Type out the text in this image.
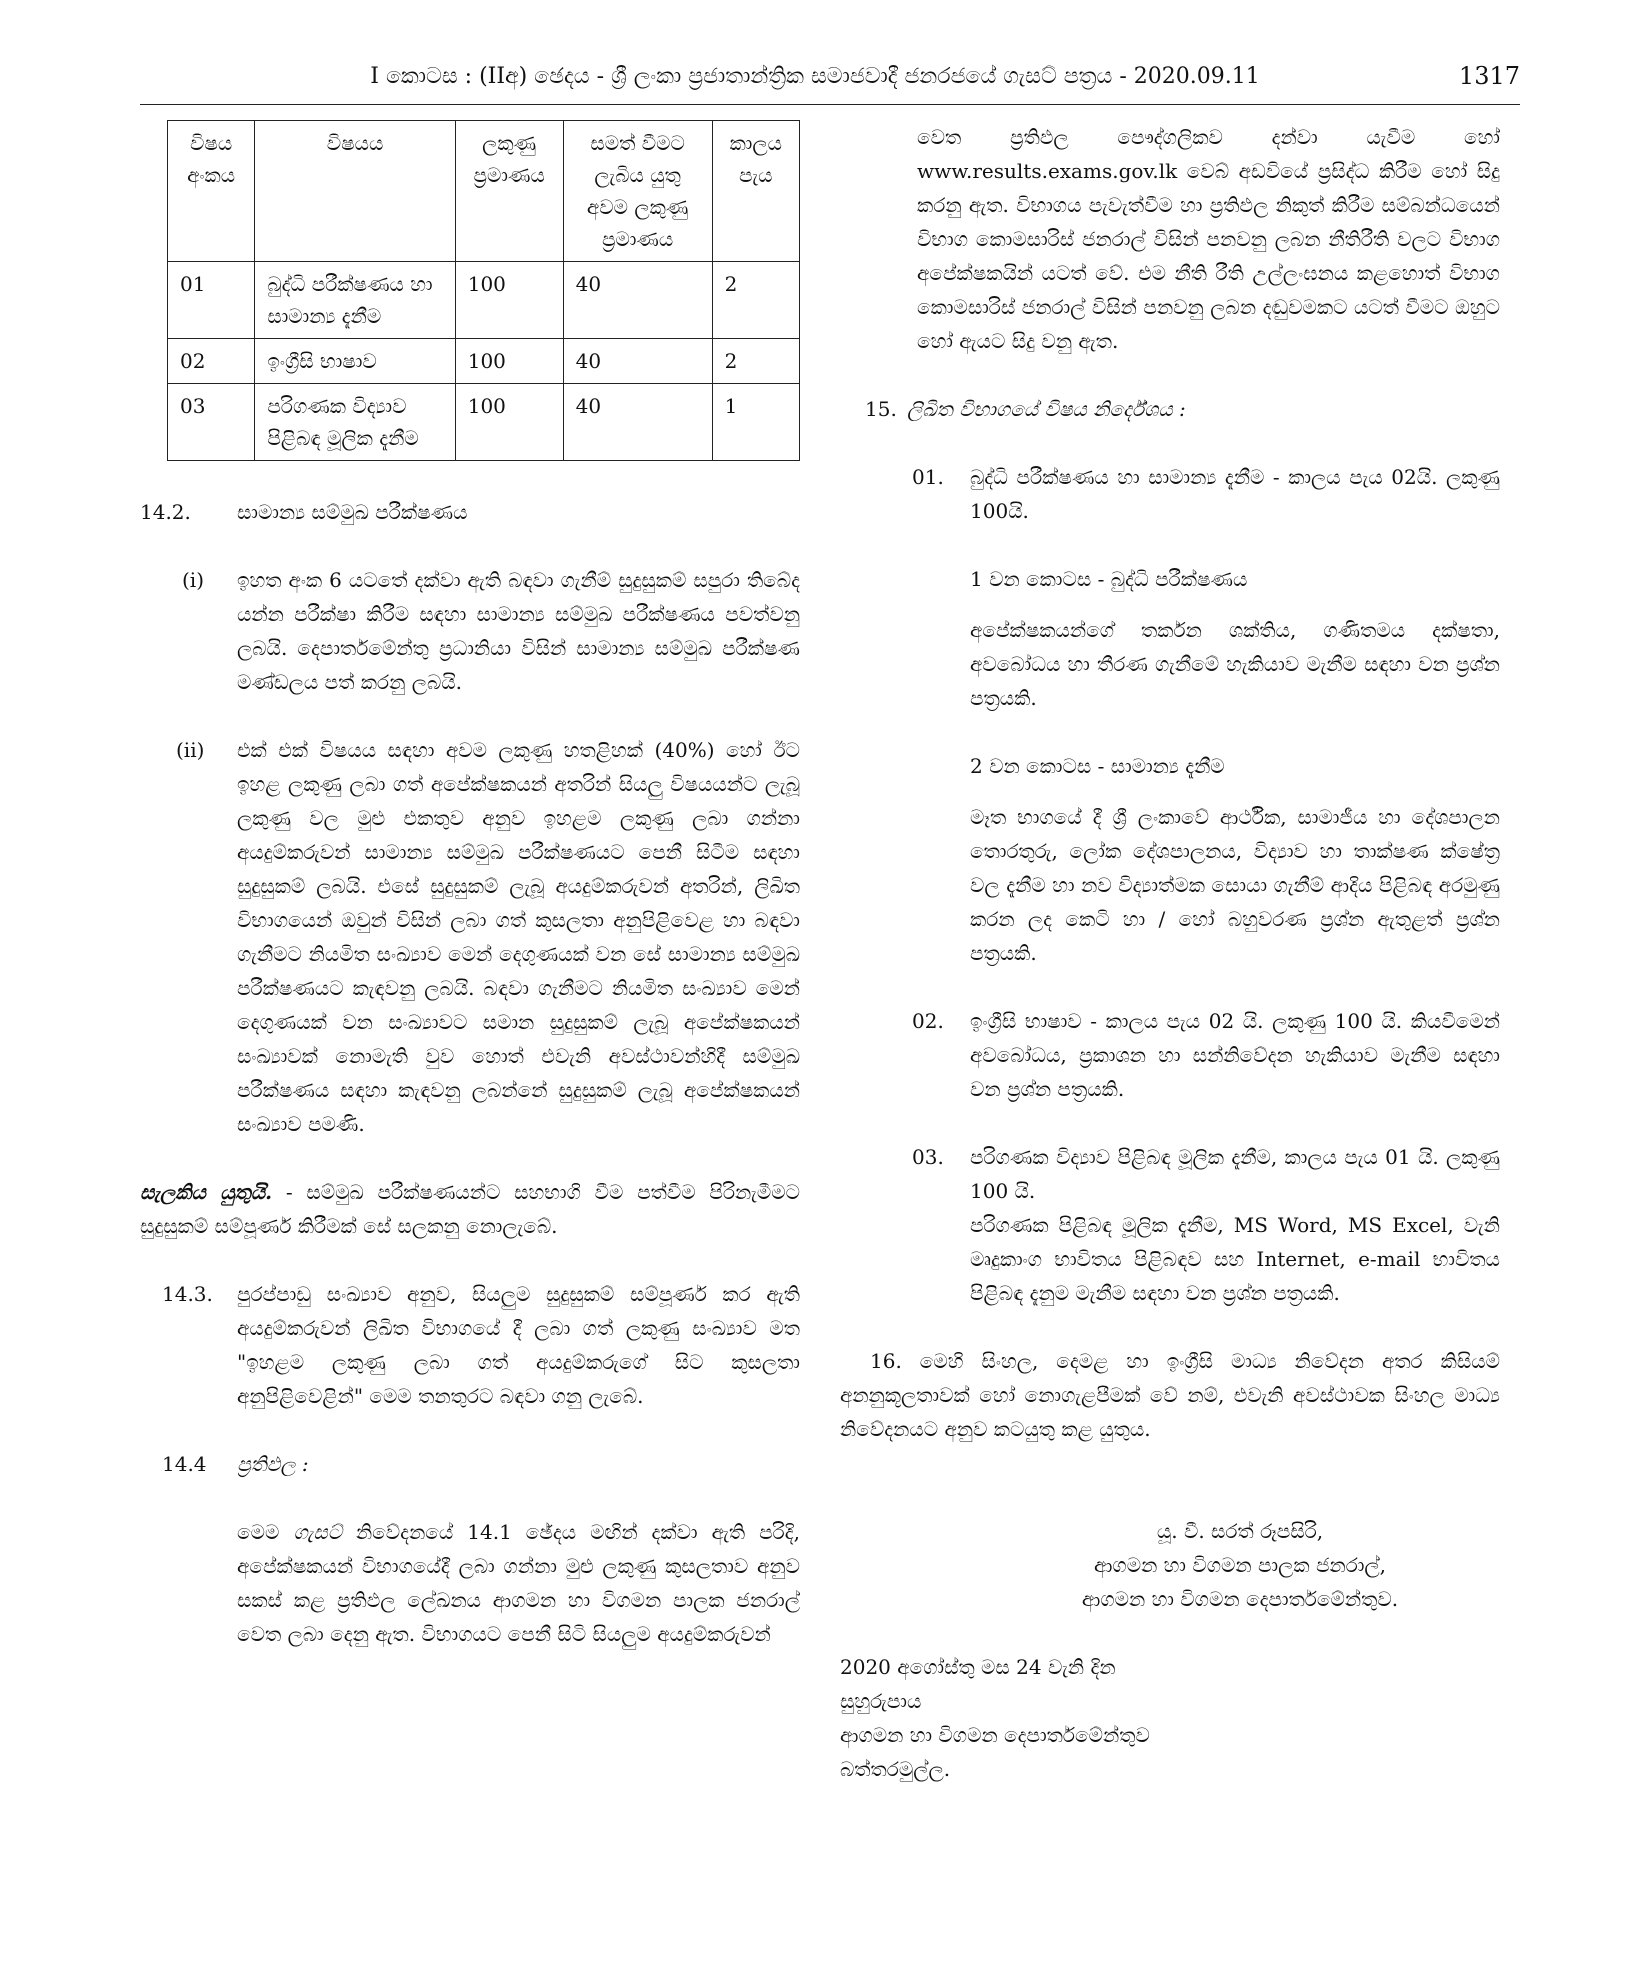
I කොටස : (IIඅ) ඡෙදය - ශ්‍රී ලංකා ප්‍රජාතාන්ත්‍රික සමාජවාදී ජනරජයේ ගැසට් පත්‍රය - 2020.09.11	1317
විෂය අංකය	විෂයය	ලකුණු ප්‍රමාණය	සමත් වීමට ලැබිය යුතු අවම ලකුණු ප්‍රමාණය	කාලය පැය
01	බුද්ධි පරීක්ෂණය හා සාමාන්‍ය දැනීම	100	40	2
02	ඉංග්‍රීසි භාෂාව	100	40	2
03	පරිගණක විද්‍යාව පිළිබඳ මූලික දැනීම	100	40	1
14.2. සාමාන්‍ය සම්මුඛ පරීක්ෂණය
(i) ඉහත අංක 6 යටතේ දක්වා ඇති බඳවා ගැනීම් සුදුසුකම් සපුරා තිබේද යන්න පරීක්ෂා කිරීම සඳහා සාමාන්‍ය සම්මුඛ පරීක්ෂණය පවත්වනු ලබයි. දෙපාර්තමේන්තු ප්‍රධානියා විසින් සාමාන්‍ය සම්මුඛ පරීක්ෂණ මණ්ඩලය පත් කරනු ලබයි.

(ii) එක් එක් විෂයය සඳහා අවම ලකුණු හතළිහක් (40%) හෝ ඊට ඉහළ ලකුණු ලබා ගත් අපේක්ෂකයන් අතරින් සියලු විෂයයන්ට ලැබූ ලකුණු වල මුළු එකතුව අනුව ඉහළම ලකුණු ලබා ගන්නා අයදුම්කරුවන් සාමාන්‍ය සම්මුඛ පරීක්ෂණයට පෙනී සිටීම සඳහා සුදුසුකම් ලබයි. එසේ සුදුසුකම් ලැබූ අයදුම්කරුවන් අතරින්, ලිඛිත විභාගයෙන් ඔවුන් විසින් ලබා ගත් කුසලතා අනුපිළිවෙළ හා බඳවා ගැනීමට නියමිත සංඛ්‍යාව මෙන් දෙගුණයක් වන සේ සාමාන්‍ය සම්මුඛ පරීක්ෂණයට කැඳවනු ලබයි. බඳවා ගැනීමට නියමිත සංඛ්‍යාව මෙන් දෙගුණයක් වන සංඛ්‍යාවට සමාන සුදුසුකම් ලැබූ අපේක්ෂකයන් සංඛ්‍යාවක් නොමැති වුව හොත් එවැනි අවස්ථාවන්හිදී සම්මුඛ පරීක්ෂණය සඳහා කැඳවනු ලබන්නේ සුදුසුකම් ලැබූ අපේක්ෂකයන් සංඛ්‍යාව පමණි.

සැලකිය යුතුයි. - සම්මුඛ පරීක්ෂණයන්ට සහභාගි වීම පත්වීම පිරිනැමීමට සුදුසුකම් සම්පූර්ණ කිරීමක් සේ සලකනු නොලැබේ.

14.3. පුරප්පාඩු සංඛ්‍යාව අනුව, සියලුම සුදුසුකම් සම්පූර්ණ කර ඇති අයදුම්කරුවන් ලිඛිත විභාගයේ දී ලබා ගත් ලකුණු සංඛ්‍යාව මත "ඉහළම ලකුණු ලබා ගත් අයදුම්කරුගේ සිට කුසලතා අනුපිළිවෙළින්" මෙම තනතුරට බඳවා ගනු ලැබේ.

14.4 ප්‍රතිඵල :

මෙම ගැසට් නිවේදනයේ 14.1 ඡේදය මඟින් දක්වා ඇති පරිදි, අපේක්ෂකයන් විභාගයේදී ලබා ගන්නා මුළු ලකුණු කුසලතාව අනුව සකස් කළ ප්‍රතිඵල ලේඛනය ආගමන හා විගමන පාලක ජනරාල් වෙත ලබා දෙනු ඇත. විභාගයට පෙනී සිටි සියලුම අයදුම්කරුවන්

වෙත ප්‍රතිඵල පෞද්ගලිකව දන්වා යැවීම හෝ www.results.exams.gov.lk වෙබ් අඩවියේ ප්‍රසිද්ධ කිරීම හෝ සිදු කරනු ඇත. විභාගය පැවැත්වීම හා ප්‍රතිඵල නිකුත් කිරීම සම්බන්ධයෙන් විභාග කොමසාරිස් ජනරාල් විසින් පනවනු ලබන නීතිරීති වලට විභාග අපේක්ෂකයින් යටත් වේ. එම නීති රීති උල්ලංඝනය කළහොත් විභාග කොමසාරිස් ජනරාල් විසින් පනවනු ලබන දඬුවමකට යටත් වීමට ඔහුට හෝ ඇයට සිදු වනු ඇත.

15. ලිඛිත විභාගයේ විෂය නිර්දේශය :
01. බුද්ධි පරීක්ෂණය හා සාමාන්‍ය දැනීම - කාලය පැය 02යි. ලකුණු 100යි.

1 වන කොටස - බුද්ධි පරීක්ෂණය

අපේක්ෂකයන්ගේ තර්කන ශක්තිය, ගණිතමය දක්ෂතා, අවබෝධය හා තීරණ ගැනීමේ හැකියාව මැනීම සඳහා වන ප්‍රශ්න පත්‍රයකි.

2 වන කොටස - සාමාන්‍ය දැනීම

මෑත භාගයේ දී ශ්‍රී ලංකාවේ ආර්ථික, සාමාජීය හා දේශපාලන තොරතුරු, ලෝක දේශපාලනය, විද්‍යාව හා තාක්ෂණ ක්ෂේත්‍ර වල දැනීම හා නව විද්‍යාත්මක සොයා ගැනීම් ආදිය පිළිබඳ අරමුණු කරන ලද කෙටි හා / හෝ බහුවරණ ප්‍රශ්න ඇතුළත් ප්‍රශ්න පත්‍රයකි.

02. ඉංග්‍රීසි භාෂාව - කාලය පැය 02 යි. ලකුණු 100 යි. කියවීමෙන් අවබෝධය, ප්‍රකාශන හා සන්නිවේදන හැකියාව මැනීම සඳහා වන ප්‍රශ්න පත්‍රයකි.

03. පරිගණක විද්‍යාව පිළිබඳ මූලික දැනීම, කාලය පැය 01 යි. ලකුණු 100 යි.

පරිගණක පිළිබඳ මූලික දැනීම, MS Word, MS Excel, වැනි මෘදුකාංග භාවිතය පිළිබඳව සහ Internet, e-mail භාවිතය පිළිබඳ දැනුම මැනීම සඳහා වන ප්‍රශ්න පත්‍රයකි.

16. මෙහි සිංහල, දෙමළ හා ඉංග්‍රීසි මාධ්‍ය නිවේදන අතර කිසියම් අනනුකූලතාවක් හෝ නොගැළපීමක් වේ නම්, එවැනි අවස්ථාවක සිංහල මාධ්‍ය නිවේදනයට අනුව කටයුතු කළ යුතුය.

යූ. වී. සරත් රූපසිරි,
ආගමන හා විගමන පාලක ජනරාල්,
ආගමන හා විගමන දෙපාර්තමේන්තුව.
2020 අගෝස්තු මස 24 වැනි දින
සුහුරුපාය
ආගමන හා විගමන දෙපාර්තමේන්තුව
බත්තරමුල්ල.
